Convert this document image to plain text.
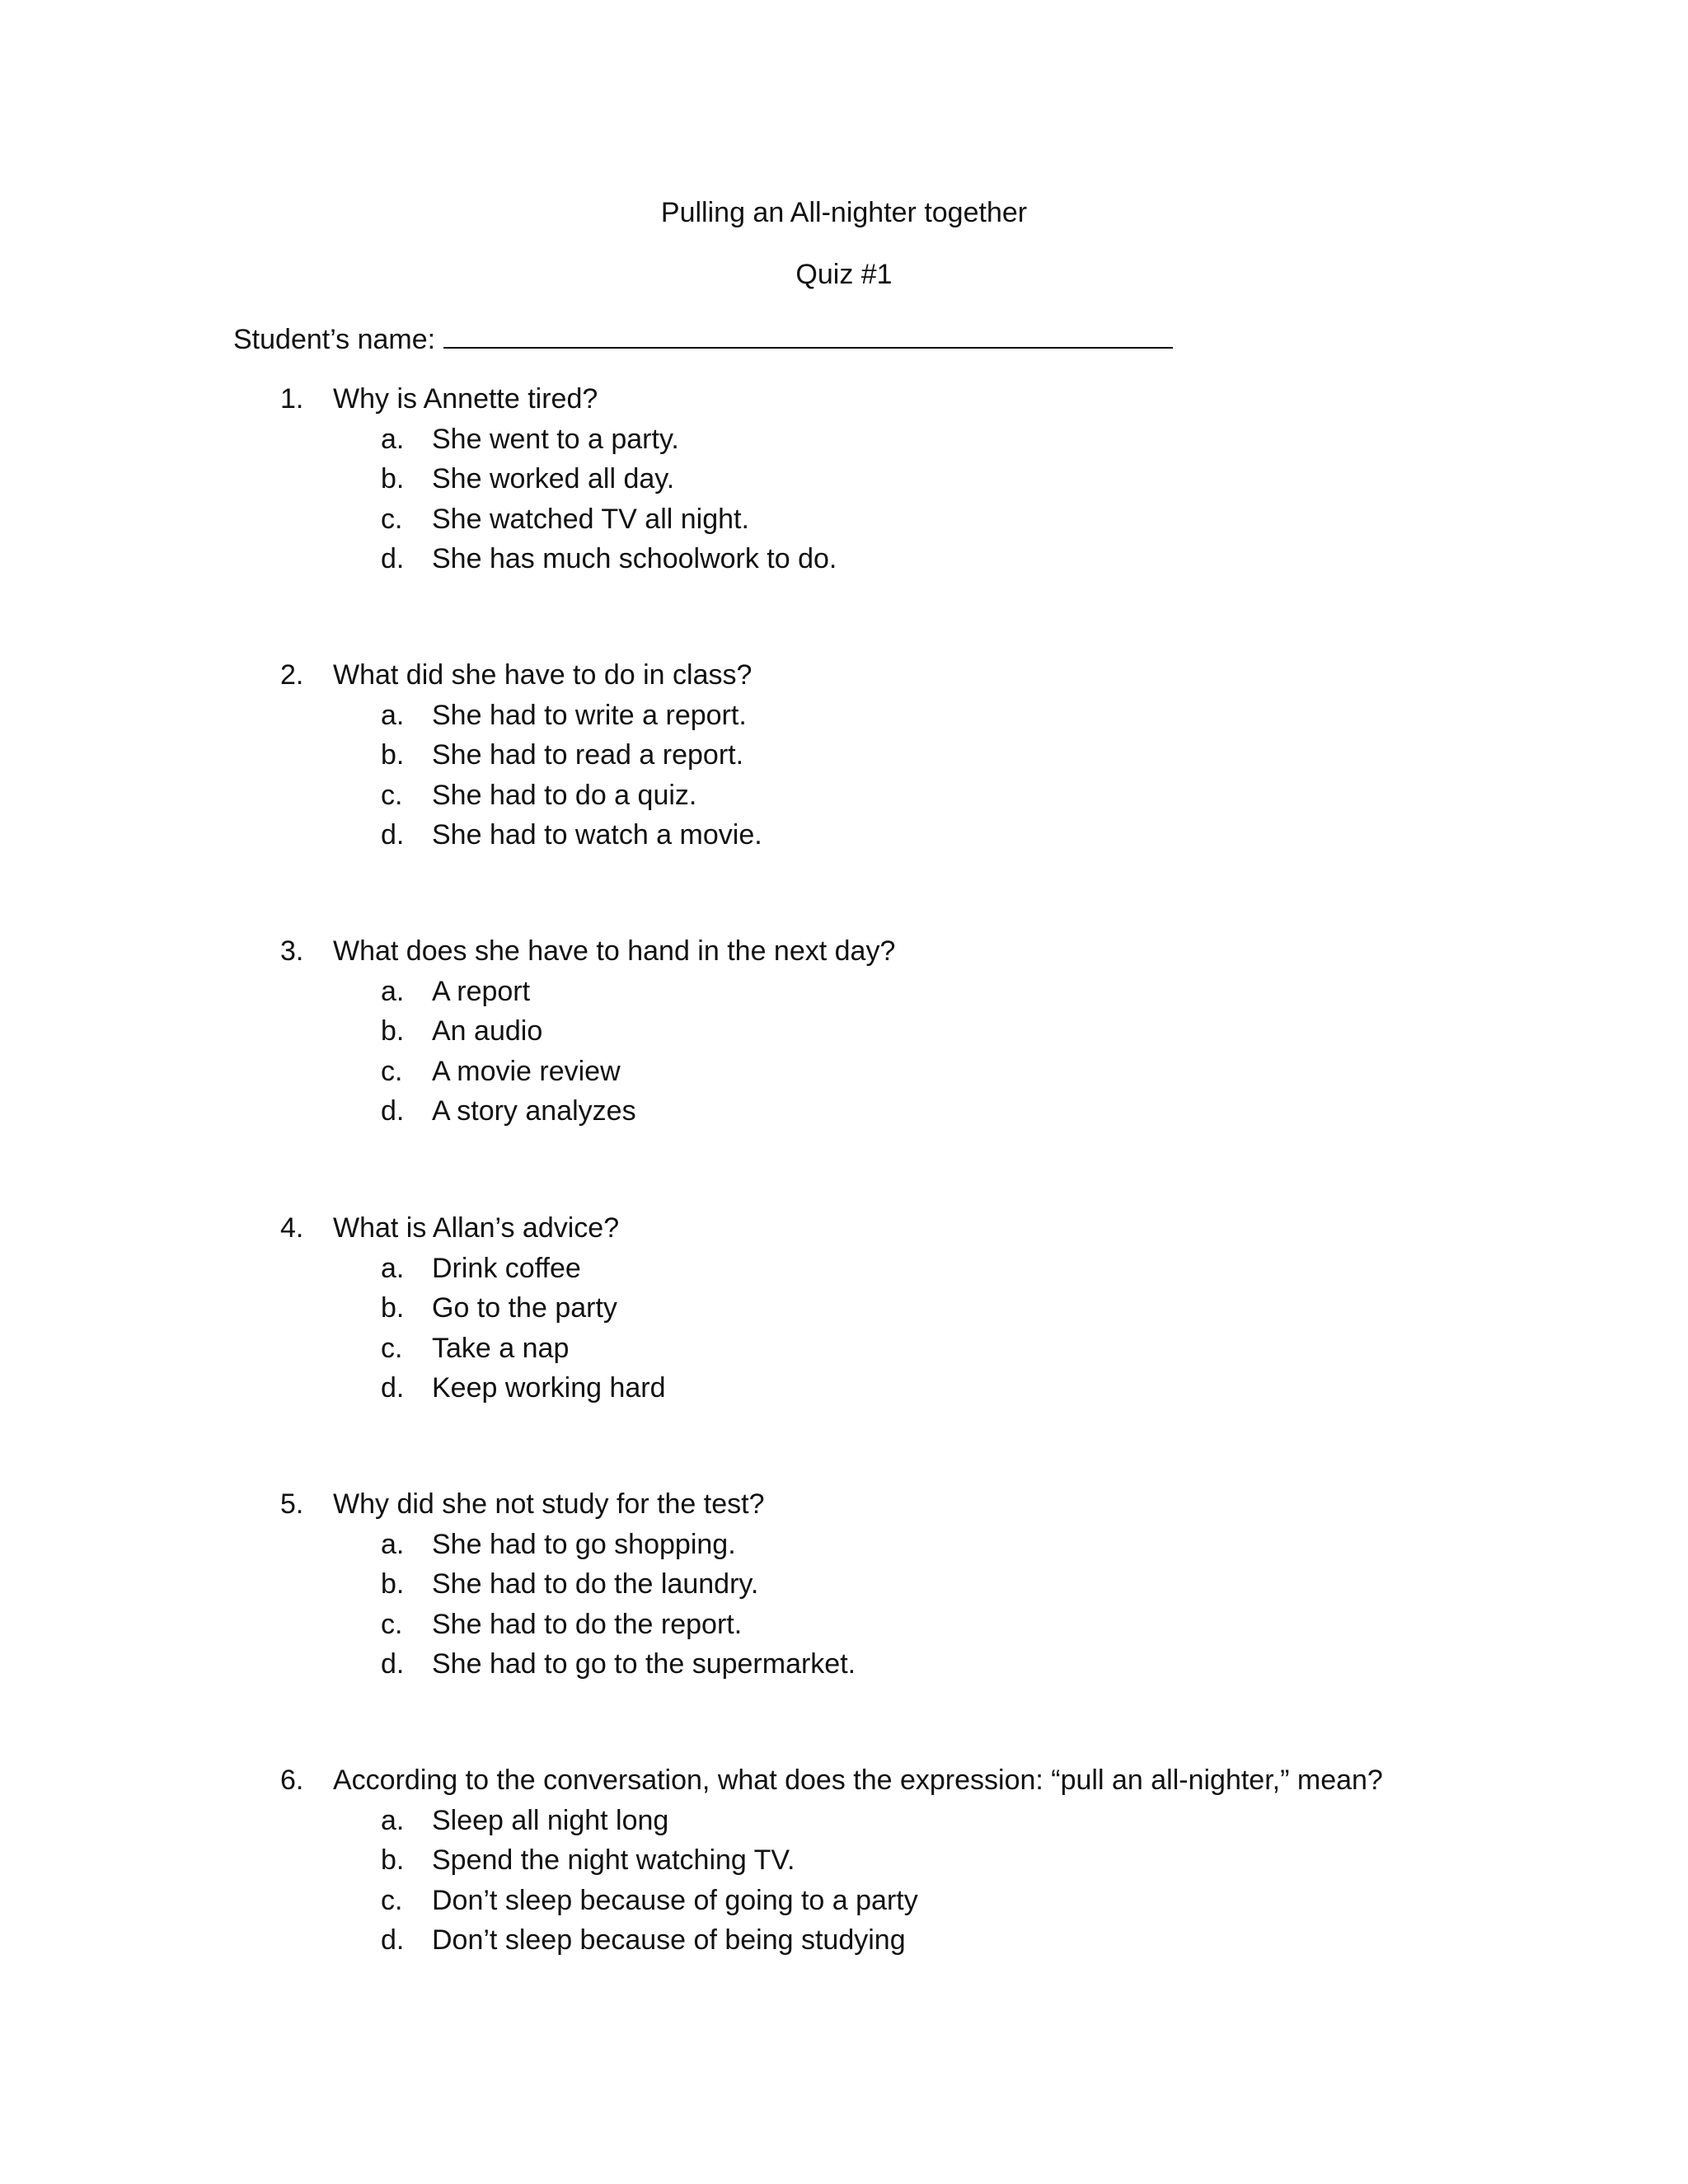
Pulling an All-nighter together
Quiz #1
Student’s name:
1.	Why is Annette tired?
a. She went to a party.
b. She worked all day.
c.	She watched TV all night.
d. She has much schoolwork to do.
2.	What did she have to do in class?
a. She had to write a report.
b. She had to read a report.
c.	She had to do a quiz.
d. She had to watch a movie.
3.	What does she have to hand in the next day?
a. A report
b. An audio
c.	A movie review
d. A story analyzes
4.	What is Allan’s advice?
a. Drink coffee
b. Go to the party
c.	Take a nap
d. Keep working hard
5.	Why did she not study for the test?
a. She had to go shopping.
b. She had to do the laundry.
c.	She had to do the report.
d. She had to go to the supermarket.
6.	According to the conversation, what does the expression: “pull an all-nighter,” mean?
a. Sleep all night long
b. Spend the night watching TV.
c.	Don’t sleep because of going to a party
d. Don’t sleep because of being studying
